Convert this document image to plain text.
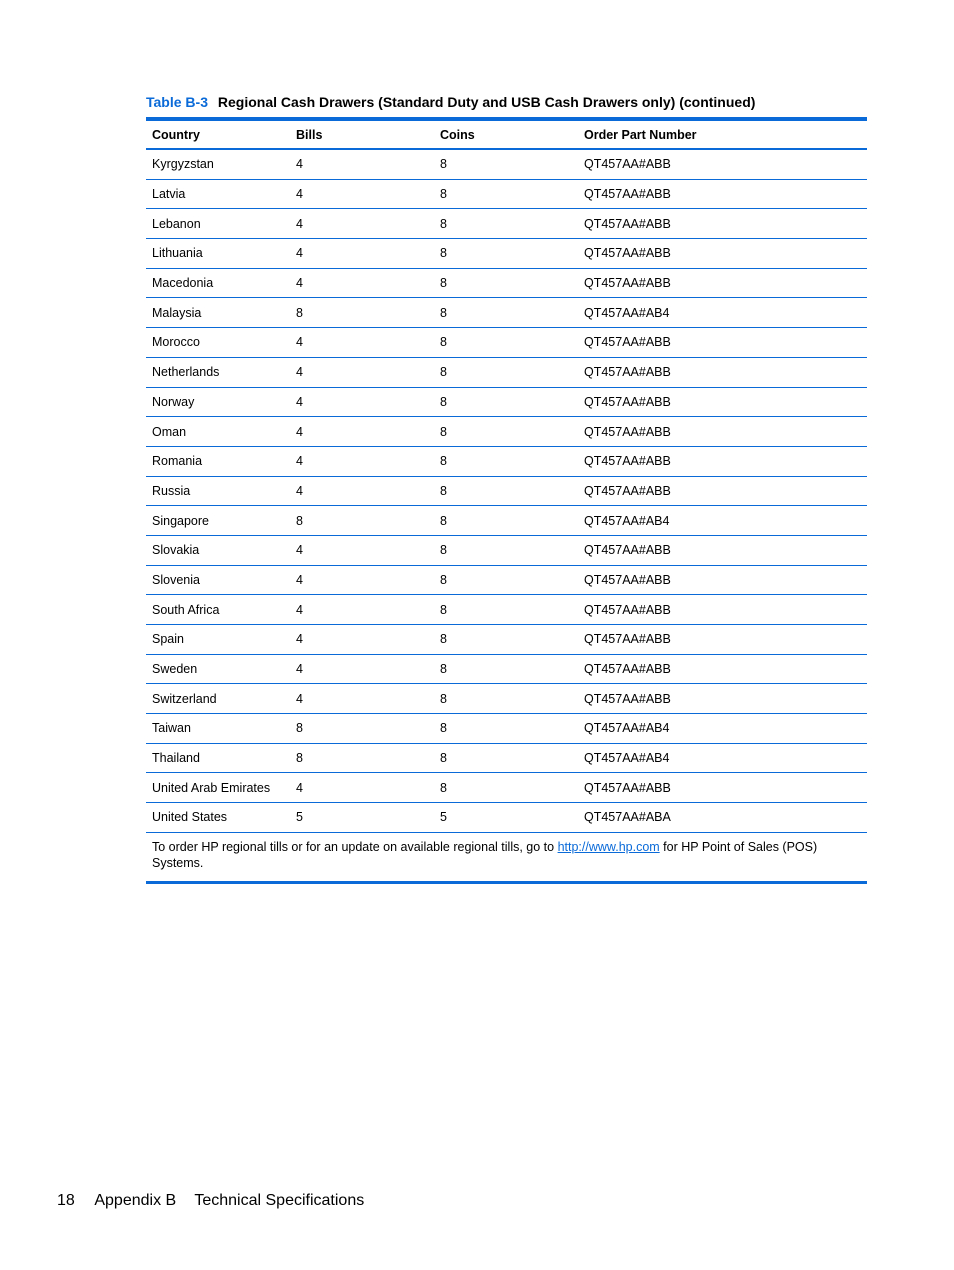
Table B-3 Regional Cash Drawers (Standard Duty and USB Cash Drawers only) (continued)
Country	Bills	Coins	Order Part Number
Kyrgyzstan	4	8	QT457AA#ABB
Latvia	4	8	QT457AA#ABB
Lebanon	4	8	QT457AA#ABB
Lithuania	4	8	QT457AA#ABB
Macedonia	4	8	QT457AA#ABB
Malaysia	8	8	QT457AA#AB4
Morocco	4	8	QT457AA#ABB
Netherlands	4	8	QT457AA#ABB
Norway	4	8	QT457AA#ABB
Oman	4	8	QT457AA#ABB
Romania	4	8	QT457AA#ABB
Russia	4	8	QT457AA#ABB
Singapore	8	8	QT457AA#AB4
Slovakia	4	8	QT457AA#ABB
Slovenia	4	8	QT457AA#ABB
South Africa	4	8	QT457AA#ABB
Spain	4	8	QT457AA#ABB
Sweden	4	8	QT457AA#ABB
Switzerland	4	8	QT457AA#ABB
Taiwan	8	8	QT457AA#AB4
Thailand	8	8	QT457AA#AB4
United Arab Emirates	4	8	QT457AA#ABB
United States	5	5	QT457AA#ABA
To order HP regional tills or for an update on available regional tills, go to http://www.hp.com for HP Point of Sales (POS) Systems.			
18 Appendix B Technical Specifications
